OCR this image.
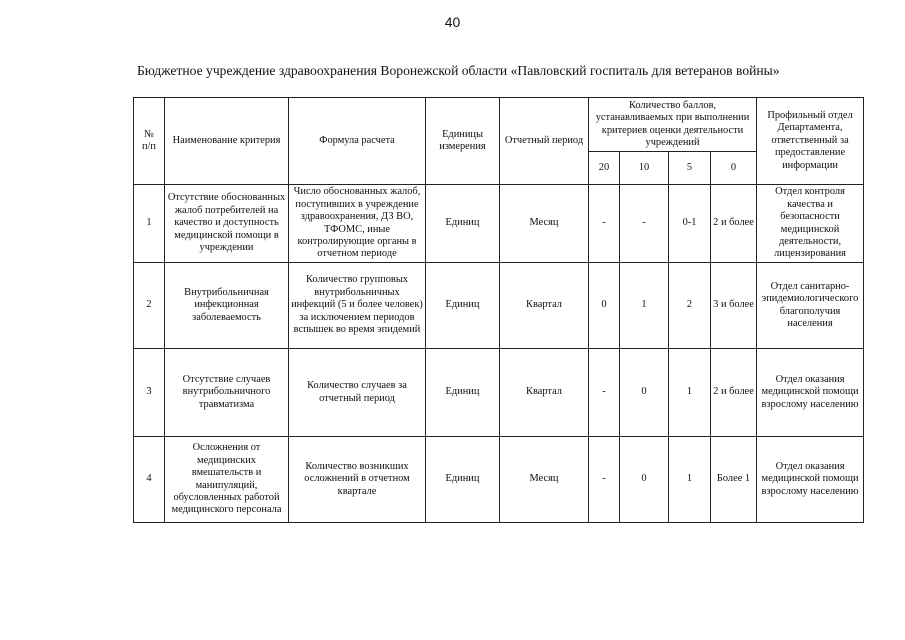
40
Бюджетное учреждение здравоохранения Воронежской области «Павловский госпиталь для ветеранов войны»
№
п/п	Наименование критерия	Формула расчета	Единицы измерения	Отчетный период	Количество баллов, устанавливаемых при выполнении критериев оценки деятельности учреждений				Профильный отдел Департамента, ответственный за предоставление информации
					20	10	5	0	
1	Отсутствие обоснованных жалоб потребителей на качество и доступность медицинской помощи в учреждении	Число обоснованных жалоб, поступивших в учреждение здравоохранения, ДЗ ВО, ТФОМС, иные контролирующие органы в отчетном периоде	Единиц	Месяц	-	-	0-1	2 и более	Отдел контроля качества и безопасности медицинской деятельности, лицензирования
2	Внутрибольничная инфекционная заболеваемость	Количество групповых внутрибольничных инфекций (5 и более человек) за исключением периодов вспышек во время эпидемий	Единиц	Квартал	0	1	2	3 и более	Отдел санитарно-эпидемиологического благополучия населения
3	Отсутствие случаев внутрибольничного травматизма	Количество случаев за отчетный период	Единиц	Квартал	-	0	1	2 и более	Отдел оказания медицинской помощи взрослому населению
4	Осложнения от медицинских вмешательств и манипуляций, обусловленных работой медицинского персонала	Количество возникших осложнений в отчетном квартале	Единиц	Месяц	-	0	1	Более 1	Отдел оказания медицинской помощи взрослому населению
